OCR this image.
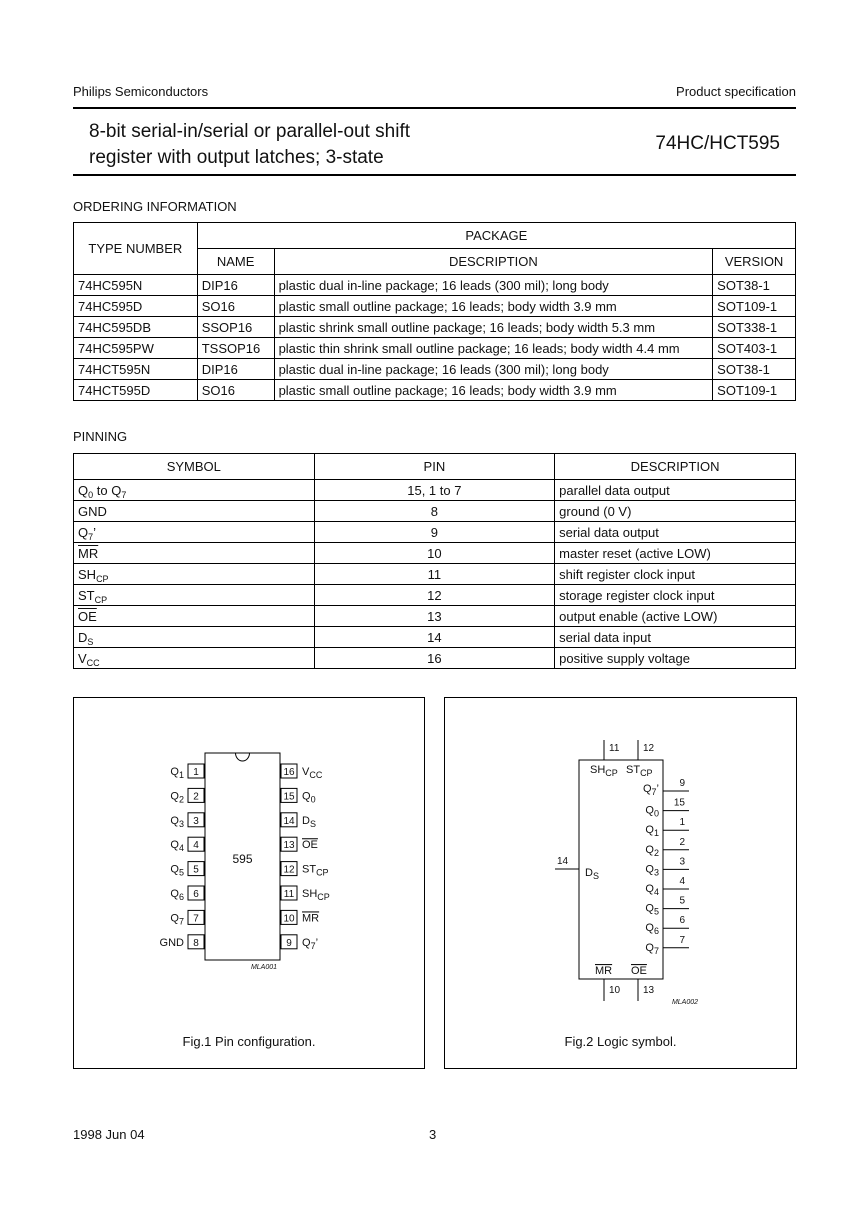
Philips Semiconductors	Product specification
8-bit serial-in/serial or parallel-out shift
register with output latches; 3-state
74HC/HCT595
ORDERING INFORMATION
TYPE NUMBER	PACKAGE		
	NAME	DESCRIPTION	VERSION
74HC595N	DIP16	plastic dual in-line package; 16 leads (300 mil); long body	SOT38-1
74HC595D	SO16	plastic small outline package; 16 leads; body width 3.9 mm	SOT109-1
74HC595DB	SSOP16	plastic shrink small outline package; 16 leads; body width 5.3 mm	SOT338-1
74HC595PW	TSSOP16	plastic thin shrink small outline package; 16 leads; body width 4.4 mm	SOT403-1
74HCT595N	DIP16	plastic dual in-line package; 16 leads (300 mil); long body	SOT38-1
74HCT595D	SO16	plastic small outline package; 16 leads; body width 3.9 mm	SOT109-1
PINNING
SYMBOL	PIN	DESCRIPTION
$Q_0$ to $Q_7$	15, 1 to 7	parallel data output
GND	8	ground (0 V)
$Q_7$’	9	serial data output
$\overline{MR}$	10	master reset (active LOW)
$SH_{CP}$	11	shift register clock input
$ST_{CP}$	12	storage register clock input
$\overline{OE}$	13	output enable (active LOW)
$D_S$	14	serial data input
$V_{CC}$	16	positive supply voltage
595
MLA001
1
$Q_1$
2
$Q_2$
3
$Q_3$
4
$Q_4$
5
$Q_5$
6
$Q_6$
7
$Q_7$
8
GND
16 $V_{CC}$
15 $Q_0$
14 $D_S$
13 OE
12 $ST_{CP}$
11 $SH_{CP}$
10 MR
9 $Q_7$’
Fig.1 Pin configuration.
11
$SH_{CP}$
12
$ST_{CP}$
14
$D_S$
9
$Q_7$’
15
$Q_0$
1
$Q_1$
2
$Q_2$
3
$Q_3$
4
$Q_4$
5
$Q_5$
6
$Q_6$
7
$Q_7$
10
MR
13
OE
MLA002
Fig.2 Logic symbol.
1998 Jun 04	3
